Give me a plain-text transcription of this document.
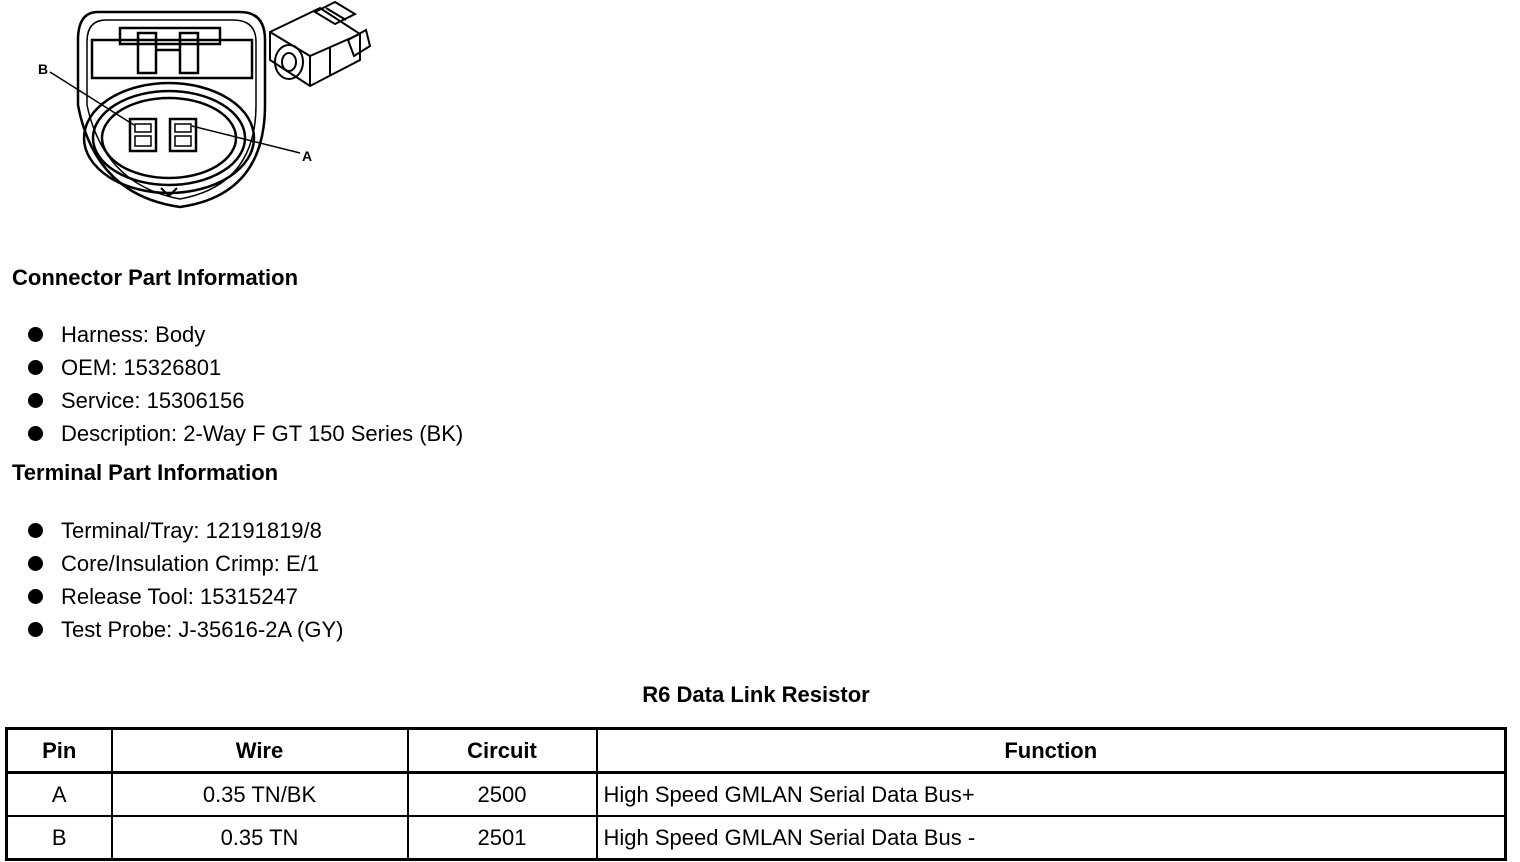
B
A
Connector Part Information
Harness: Body
OEM: 15326801
Service: 15306156
Description: 2-Way F GT 150 Series (BK)
Terminal Part Information
Terminal/Tray: 12191819/8
Core/Insulation Crimp: E/1
Release Tool: 15315247
Test Probe: J-35616-2A (GY)
R6 Data Link Resistor
Pin	Wire	Circuit	Function
A	0.35 TN/BK	2500	High Speed GMLAN Serial Data Bus+
B	0.35 TN	2501	High Speed GMLAN Serial Data Bus -
